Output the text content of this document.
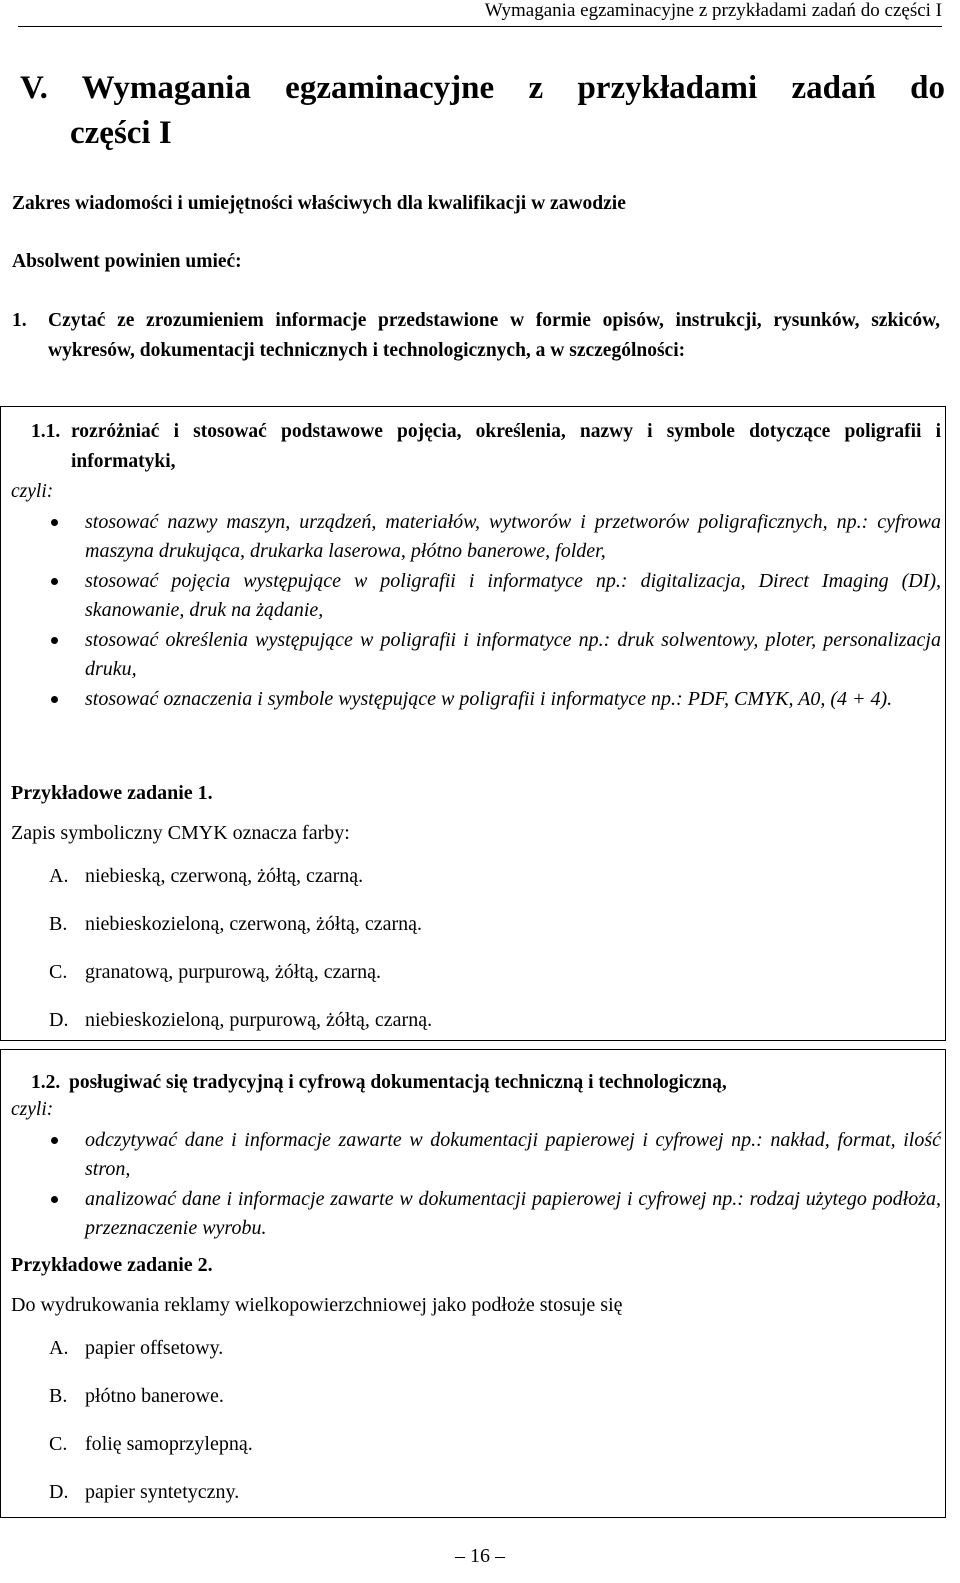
Wymagania egzaminacyjne z przykładami zadań do części I
V. Wymagania egzaminacyjne z przykładami zadań do
części I
Zakres wiadomości i umiejętności właściwych dla kwalifikacji w zawodzie
Absolwent powinien umieć:
1. Czytać ze zrozumieniem informacje przedstawione w formie opisów, instrukcji, rysunków, szkiców, wykresów, dokumentacji technicznych i technologicznych, a w szczególności:
1.1. rozróżniać i stosować podstawowe pojęcia, określenia, nazwy i symbole dotyczące poligrafii i informatyki,
czyli:
stosować nazwy maszyn, urządzeń, materiałów, wytworów i przetworów poligraficznych, np.: cyfrowa maszyna drukująca, drukarka laserowa, płótno banerowe, folder,
stosować pojęcia występujące w poligrafii i informatyce np.: digitalizacja, Direct Imaging (DI), skanowanie, druk na żądanie,
stosować określenia występujące w poligrafii i informatyce np.: druk solwentowy, ploter, personalizacja druku,
stosować oznaczenia i symbole występujące w poligrafii i informatyce np.: PDF, CMYK, A0, (4 + 4).
Przykładowe zadanie 1.
Zapis symboliczny CMYK oznacza farby:
A. niebieską, czerwoną, żółtą, czarną.
B. niebieskozieloną, czerwoną, żółtą, czarną.
C. granatową, purpurową, żółtą, czarną.
D. niebieskozieloną, purpurową, żółtą, czarną.
1.2. posługiwać się tradycyjną i cyfrową dokumentacją techniczną i technologiczną,
czyli:
odczytywać dane i informacje zawarte w dokumentacji papierowej i cyfrowej np.: nakład, format, ilość stron,
analizować dane i informacje zawarte w dokumentacji papierowej i cyfrowej np.: rodzaj użytego podłoża, przeznaczenie wyrobu.
Przykładowe zadanie 2.
Do wydrukowania reklamy wielkopowierzchniowej jako podłoże stosuje się
A. papier offsetowy.
B. płótno banerowe.
C. folię samoprzylepną.
D. papier syntetyczny.
– 16 –
